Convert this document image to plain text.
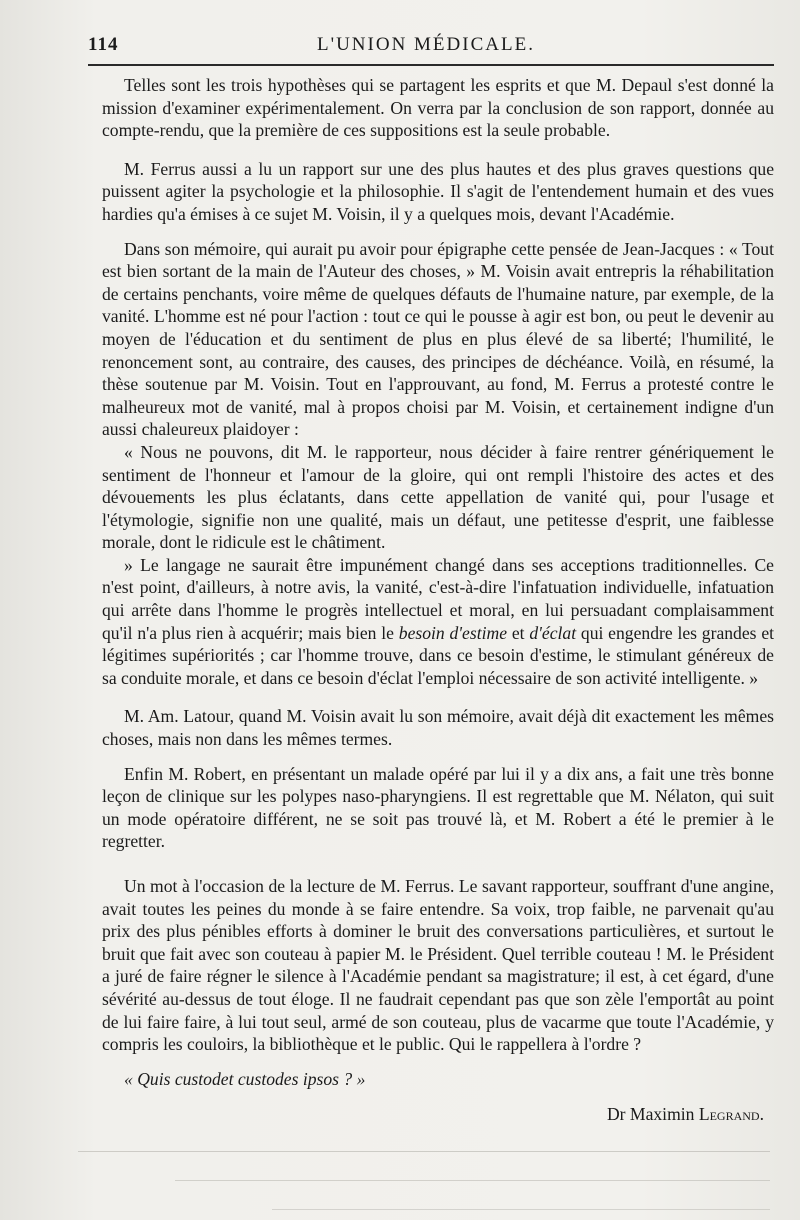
114	L'UNION MÉDICALE.

Telles sont les trois hypothèses qui se partagent les esprits et que M. Depaul s'est donné la mission d'examiner expérimentalement. On verra par la conclusion de son rapport, donnée au compte-rendu, que la première de ces suppositions est la seule probable.

M. Ferrus aussi a lu un rapport sur une des plus hautes et des plus graves questions que puissent agiter la psychologie et la philosophie. Il s'agit de l'entendement humain et des vues hardies qu'a émises à ce sujet M. Voisin, il y a quelques mois, devant l'Académie.

Dans son mémoire, qui aurait pu avoir pour épigraphe cette pensée de Jean-Jacques : « Tout est bien sortant de la main de l'Auteur des choses, » M. Voisin avait entrepris la réhabilitation de certains penchants, voire même de quelques défauts de l'humaine nature, par exemple, de la vanité. L'homme est né pour l'action : tout ce qui le pousse à agir est bon, ou peut le devenir au moyen de l'éducation et du sentiment de plus en plus élevé de sa liberté; l'humilité, le renoncement sont, au contraire, des causes, des principes de déchéance. Voilà, en résumé, la thèse soutenue par M. Voisin. Tout en l'approuvant, au fond, M. Ferrus a protesté contre le malheureux mot de vanité, mal à propos choisi par M. Voisin, et certainement indigne d'un aussi chaleureux plaidoyer :

« Nous ne pouvons, dit M. le rapporteur, nous décider à faire rentrer génériquement le sentiment de l'honneur et l'amour de la gloire, qui ont rempli l'histoire des actes et des dévouements les plus éclatants, dans cette appellation de vanité qui, pour l'usage et l'étymologie, signifie non une qualité, mais un défaut, une petitesse d'esprit, une faiblesse morale, dont le ridicule est le châtiment.

» Le langage ne saurait être impunément changé dans ses acceptions traditionnelles. Ce n'est point, d'ailleurs, à notre avis, la vanité, c'est-à-dire l'infatuation individuelle, infatuation qui arrête dans l'homme le progrès intellectuel et moral, en lui persuadant complaisamment qu'il n'a plus rien à acquérir; mais bien le besoin d'estime et d'éclat qui engendre les grandes et légitimes supériorités ; car l'homme trouve, dans ce besoin d'estime, le stimulant généreux de sa conduite morale, et dans ce besoin d'éclat l'emploi nécessaire de son activité intelligente. »

M. Am. Latour, quand M. Voisin avait lu son mémoire, avait déjà dit exactement les mêmes choses, mais non dans les mêmes termes.

Enfin M. Robert, en présentant un malade opéré par lui il y a dix ans, a fait une très bonne leçon de clinique sur les polypes naso-pharyngiens. Il est regrettable que M. Nélaton, qui suit un mode opératoire différent, ne se soit pas trouvé là, et M. Robert a été le premier à le regretter.

Un mot à l'occasion de la lecture de M. Ferrus. Le savant rapporteur, souffrant d'une angine, avait toutes les peines du monde à se faire entendre. Sa voix, trop faible, ne parvenait qu'au prix des plus pénibles efforts à dominer le bruit des conversations particulières, et surtout le bruit que fait avec son couteau à papier M. le Président. Quel terrible couteau ! M. le Président a juré de faire régner le silence à l'Académie pendant sa magistrature; il est, à cet égard, d'une sévérité au-dessus de tout éloge. Il ne faudrait cependant pas que son zèle l'emportât au point de lui faire faire, à lui tout seul, armé de son couteau, plus de vacarme que toute l'Académie, y compris les couloirs, la bibliothèque et le public. Qui le rappellera à l'ordre ?

« Quis custodet custodes ipsos ? »

Dr Maximin Legrand.
